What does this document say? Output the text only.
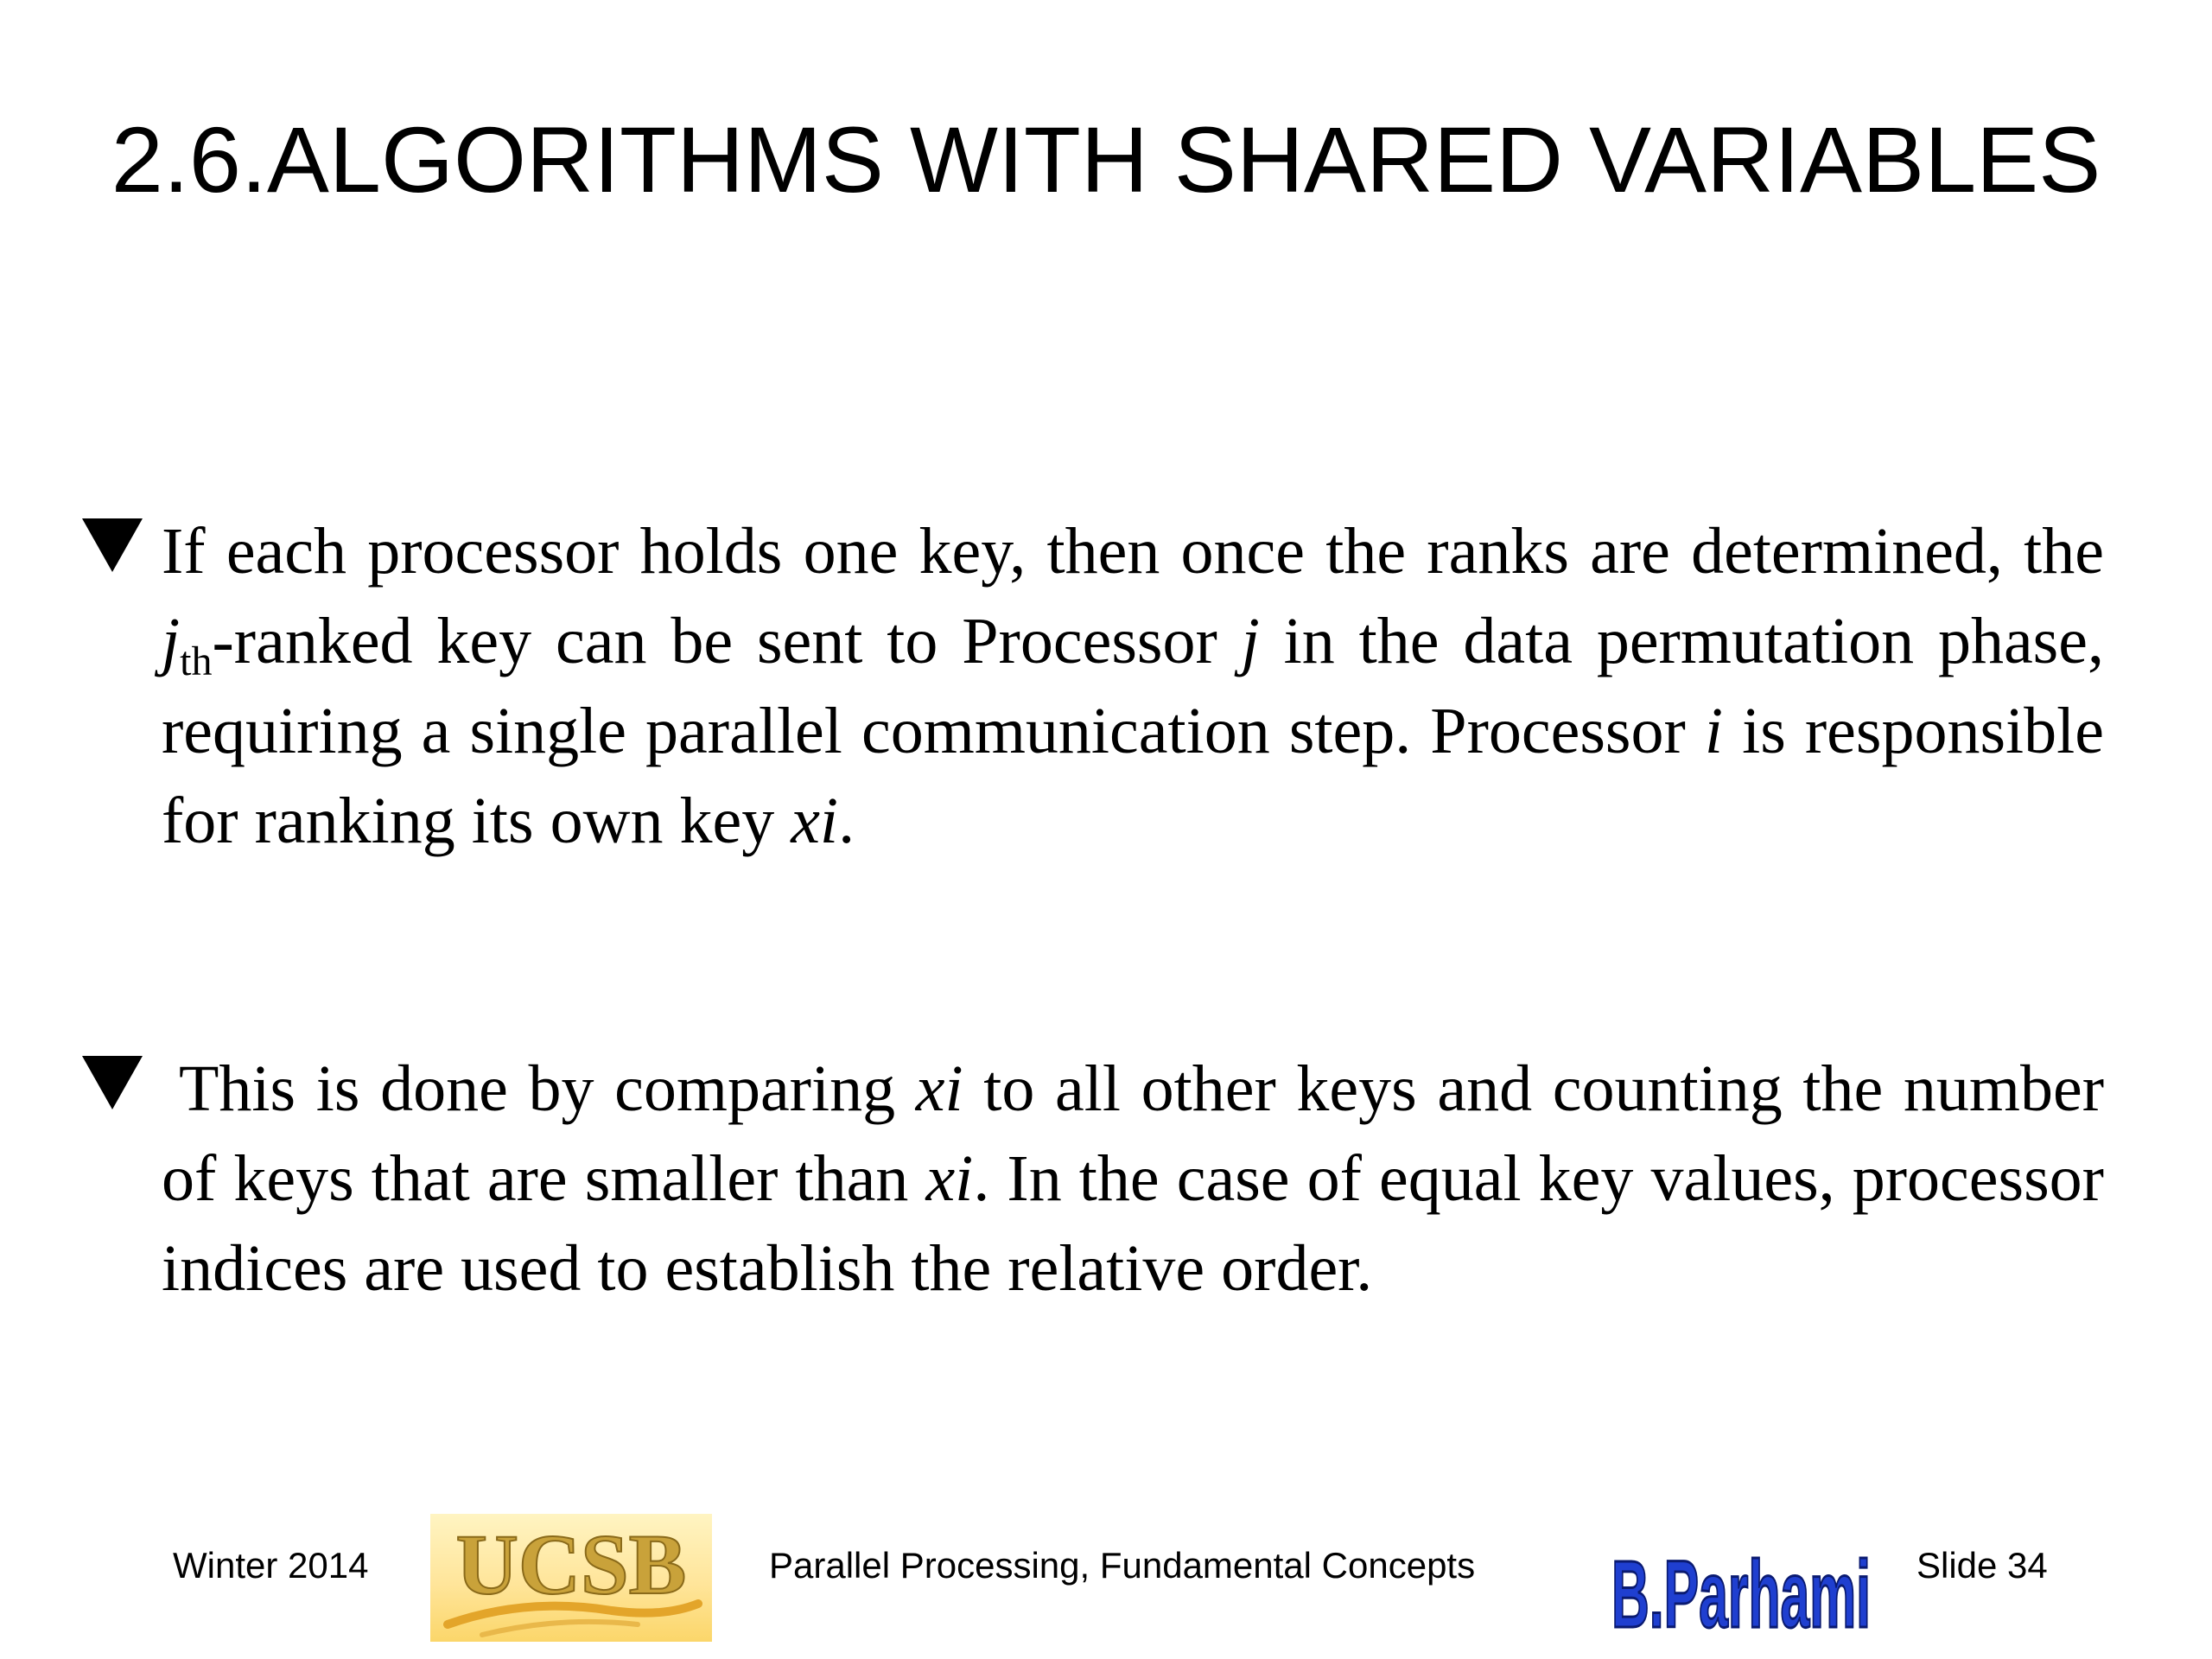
2.6.ALGORITHMS WITH SHARED VARIABLES

If each processor holds one key, then once the ranks are determined, the $j_{th}$-ranked key can be sent to Processor j in the data permutation phase, requiring a single parallel communication step. Processor i is responsible for ranking its own key xi.

This is done by comparing xi to all other keys and counting the number of keys that are smaller than xi. In the case of equal key values, processor indices are used to establish the relative order.

Winter 2014 UCSB Parallel Processing, Fundamental Concepts B.Parhami Slide 34
